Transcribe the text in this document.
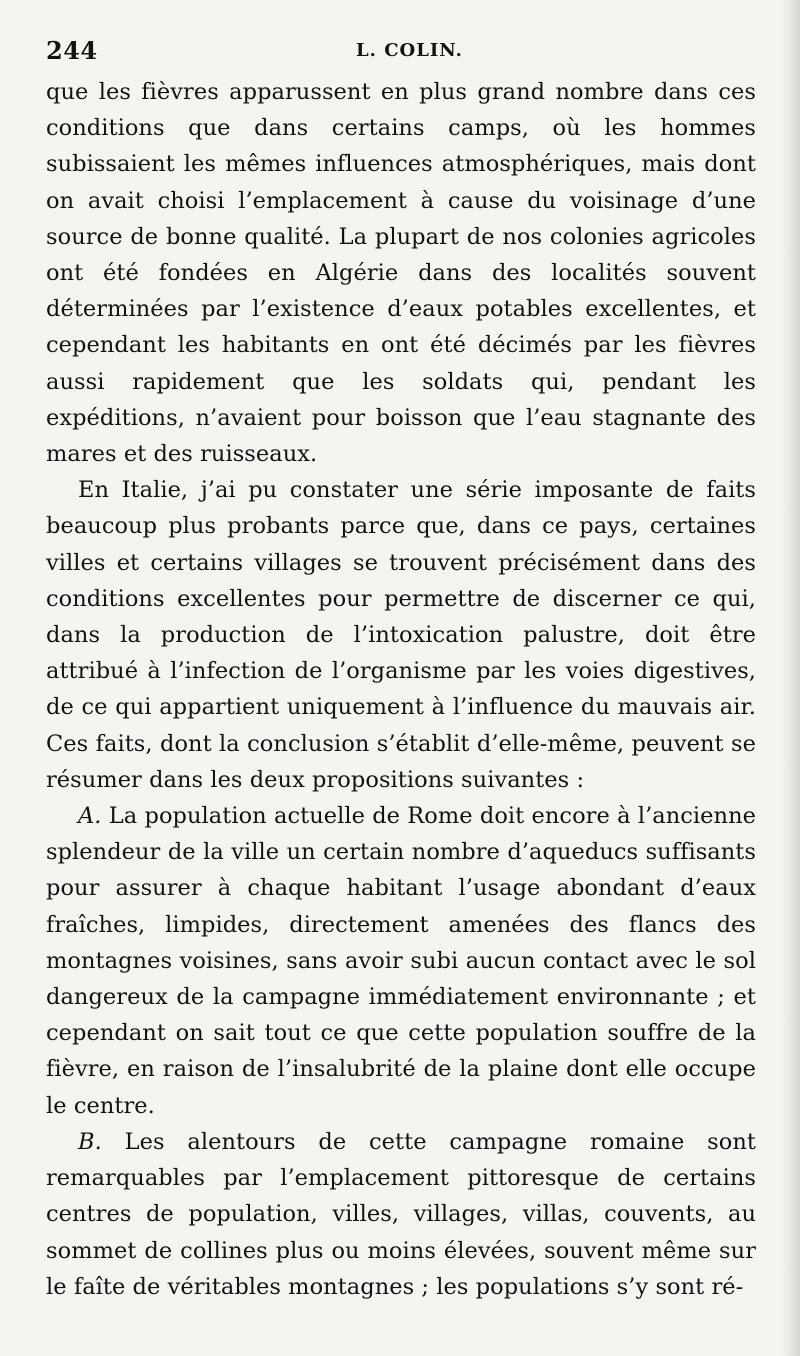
244	L. COLIN.

que les fièvres apparussent en plus grand nombre dans ces conditions que dans certains camps, où les hommes subissaient les mêmes influences atmosphériques, mais dont on avait choisi l’emplacement à cause du voisinage d’une source de bonne qualité. La plupart de nos colonies agricoles ont été fondées en Algérie dans des localités souvent déterminées par l’existence d’eaux potables excellentes, et cependant les habitants en ont été décimés par les fièvres aussi rapidement que les soldats qui, pendant les expéditions, n’avaient pour boisson que l’eau stagnante des mares et des ruisseaux.

En Italie, j’ai pu constater une série imposante de faits beaucoup plus probants parce que, dans ce pays, certaines villes et certains villages se trouvent précisément dans des conditions excellentes pour permettre de discerner ce qui, dans la production de l’intoxication palustre, doit être attribué à l’infection de l’organisme par les voies digestives, de ce qui appartient uniquement à l’influence du mauvais air. Ces faits, dont la conclusion s’établit d’elle-même, peuvent se résumer dans les deux propositions suivantes :

A. La population actuelle de Rome doit encore à l’ancienne splendeur de la ville un certain nombre d’aqueducs suffisants pour assurer à chaque habitant l’usage abondant d’eaux fraîches, limpides, directement amenées des flancs des montagnes voisines, sans avoir subi aucun contact avec le sol dangereux de la campagne immédiatement environnante ; et cependant on sait tout ce que cette population souffre de la fièvre, en raison de l’insalubrité de la plaine dont elle occupe le centre.

B. Les alentours de cette campagne romaine sont remarquables par l’emplacement pittoresque de certains centres de population, villes, villages, villas, couvents, au sommet de collines plus ou moins élevées, souvent même sur le faîte de véritables montagnes ; les populations s’y sont ré-
